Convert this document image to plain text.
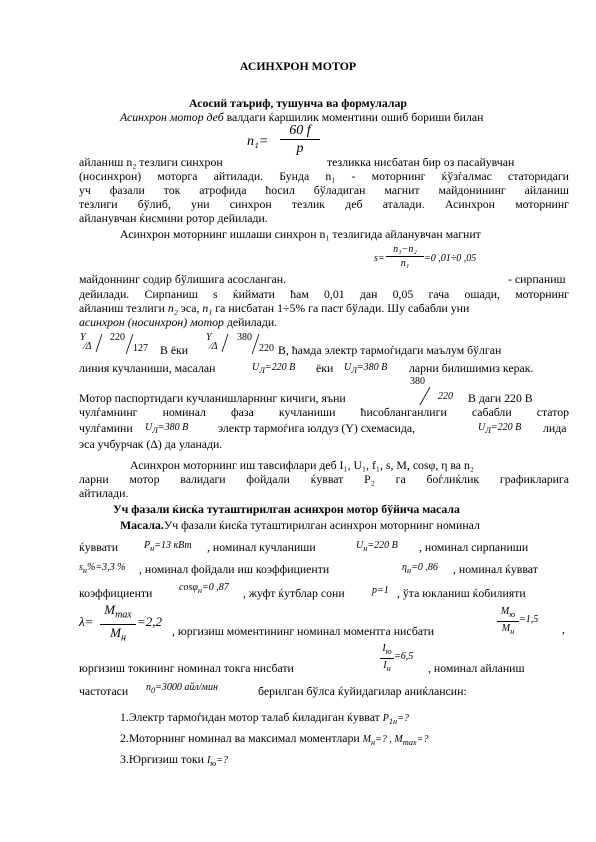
АСИНХРОН МОТОР
Асосий таъриф, тушунча ва формулалар
Асинхрон мотор деб валдаги ќаршилик моментини ошиб бориши билан
$n_1= \frac{60 f}{p}$
айланиш n₂ тезлиги синхрон	тезликка нисбатан бир оз пасайувчан
(носинхрон) моторга айтилади. Бунда n₁ - моторнинг ќўзѓалмас статоридаги
уч фазали ток атрофида ћосил бўладиган магнит майдонининг айланиш
тезлиги бўлиб, уни синхрон тезлик деб аталади. Асинхрон моторнинг
айланувчан ќисмини ротор дейилади.
Асинхрон моторнинг ишлаши синхрон n₁ тезлигида айланувчан магнит
$s= \frac{\text{n₁−n₂}}{\text{n₁}} =0$ ,01÷0 ,05
майдоннинг содир бўлишига асосланган.	- сирпаниш
дейилади. Сирпаниш s ќиймати ћам 0,01 дан 0,05 гача ошади, моторнинг
айланиш тезлиги n₂ эса, n₁ га нисбатан 1÷5% га паст бўлади. Шу сабабли уни
асинхрон (носинхрон) мотор дейилади.
Y
∕Δ
220
127 В ёки
Y
∕Δ
380
220 В, ћамда электр тармоѓидаги маълум бўлган
линия кучланиши, масалан	$U_Л=220$ В ёки $U_Л=380$ В ларни билишимиз керак.
Мотор паспортидаги кучланишларнинг кичиги, яъни
380
220 В даги 220 В
чулѓамнинг номинал фаза кучланиши ћисобланганлиги сабабли статор
чулѓамини $U_Л=380$ В	электр тармоѓига юлдуз (Y) схемасида,	$U_Л=220$ В лида
эса учбурчак (Δ) да уланади.
Асинхрон моторнинг иш тавсифлари деб I₁, U₁, f₁, s, M, cosφ, η ва n₂
ларни мотор валидаги фойдали ќувват P₂ га боѓлиќлик графикларига
айтилади.
Уч фазали ќисќа туташтирилган асинхрон мотор бўйича масала
Масала.Уч фазали ќисќа туташтирилган асинхрон моторнинг номинал
ќуввати	$P_н=13$ кВт , номинал кучланиши	$U_н=220$ В , номинал сирпаниши
$s_н\%=3,3$ % , номинал фойдали иш коэффициенти	$\eta_н=0$ ,86 , номинал ќувват
коэффициенти	cosφ$_н$=0 ,87 , жуфт ќутблар сони	p=1 , ўта юкланиш ќобилияти
λ=
$M_{max}$
$M_н$
=2,2
, юргизиш моментининг номинал моментга нисбати
$M_ю$
$M_н$
=1,5
,
юргизиш токининг номинал токга нисбати
$I_ю$
$I_н$
=6,5
, номинал айланиш
частотаси $n_0=3000$ айл/мин	берилган бўлса ќуйидагилар аниќлансин:
1.Электр тармоѓидан мотор талаб ќиладиган ќувват $P_{1н}=$?
2.Моторнинг номинал ва максимал моментлари $M_н=$? , $M_{max}=$?
3.Юргизиш токи $I_ю=$?
